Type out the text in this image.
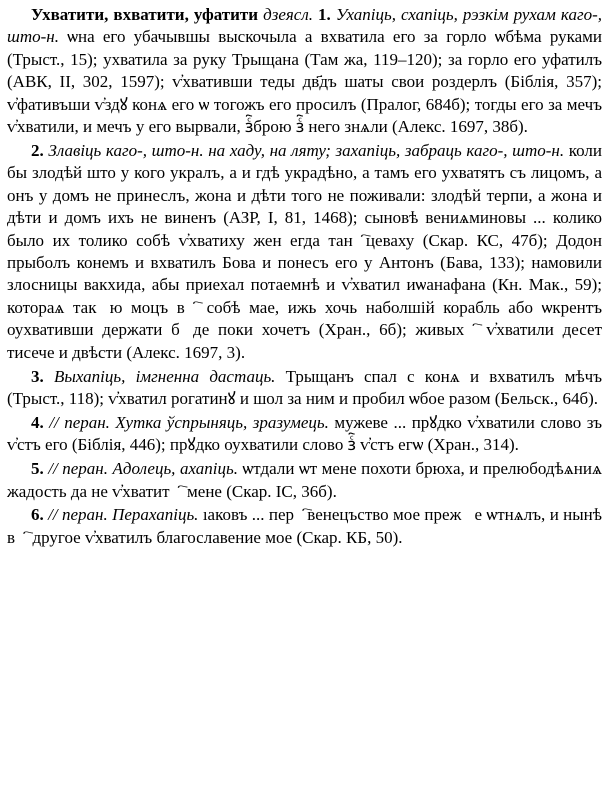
Ухватити, вхватити, уфатити дзеясл. 1. Ухапіць, схапіць, рэзкім рухам каго-, што-н. ѡна его убачывшы выскочыла а вхватила его за горло ѡбѣма руками (Трыст., 15); ухватила за руку Трыщана (Там жа, 119–120); за горло его уфатилъ (АВК, II, 302, 1597); ѵ҆хвативши теды дв҃дъ шаты свои роздерлъ (Біблія, 357); ѵ҆фативъши ѵ҆здꙋ конѧ его ѡ тогожъ его просилъ (Пралог, 684б); тогды его за мечъ ѵ҆хватили, и мечъ у его вырвали, зⷭ҇брою зⷭ҇ него знѧли (Алекс. 1697, 38б).

2. Злавіць каго-, што-н. на хаду, на ляту; захапіць, забраць каго-, што-н. коли бы злодѣй што у кого укралъ, а и гдѣ украдѣно, а тамъ его ухватятъ съ лицомъ, а онъ у домъ не принеслъ, жона и дѣти того не поживали: злодѣй терпи, а жона и дѣти и домъ ихъ не виненъ (АЗР, I, 81, 1468); сыновѣ вениѧминовы ... колико было их толико собѣ ѵ҆хватиху жен егда танⷭ҇цеваху (Скар. КС, 47б); Додон прыболъ конемъ и вхватилъ Бова и понесъ его у Антонъ (Бава, 133); намовили злосницы вакхида, абы приехал потаемнѣ и ѵ҆хватил иѡанафана (Кн. Мак., 59); котораѧ такꙋю моцъ вⷭ҇ собѣ мае, ижь хочь наболшій корабль або ѡкрентъ оухвативши держати бꙋде поки хочетъ (Хран., 6б); живыхⷭ҇ ѵ҆хватили десет тисече и двѣсти (Алекс. 1697, 3).

3. Выхапіць, імгненна дастаць. Трыщанъ спал с конѧ и вхватилъ мѣчъ (Трыст., 118); ѵ҆хватил рогатинꙋ и шол за ним и пробил ѡбое разом (Бельск., 64б).

4. // перан. Хутка ўспрыняць, зразумець. мужеве ... прꙋдко ѵ҆хватили слово зъ ѵ҆стъ его (Біблія, 446); прꙋдко оухватили слово зⷭ҇ ѵ҆стъ егѡ (Хран., 314).

5. // перан. Адолець, ахапіць. ѡтдали ѡт мене похоти брюха, и прелюбодѣѧниѧ жадость да не ѵ҆хватитⷭ҇ мене (Скар. IC, 36б).

6. // перан. Перахапіць. ıаковъ ... перⷭ҇венецъство мое прежⷣе ѡтнѧлъ, и нынѣ вⷭ҇ другое ѵ҆хватилъ благославение мое (Скар. КБ, 50).
